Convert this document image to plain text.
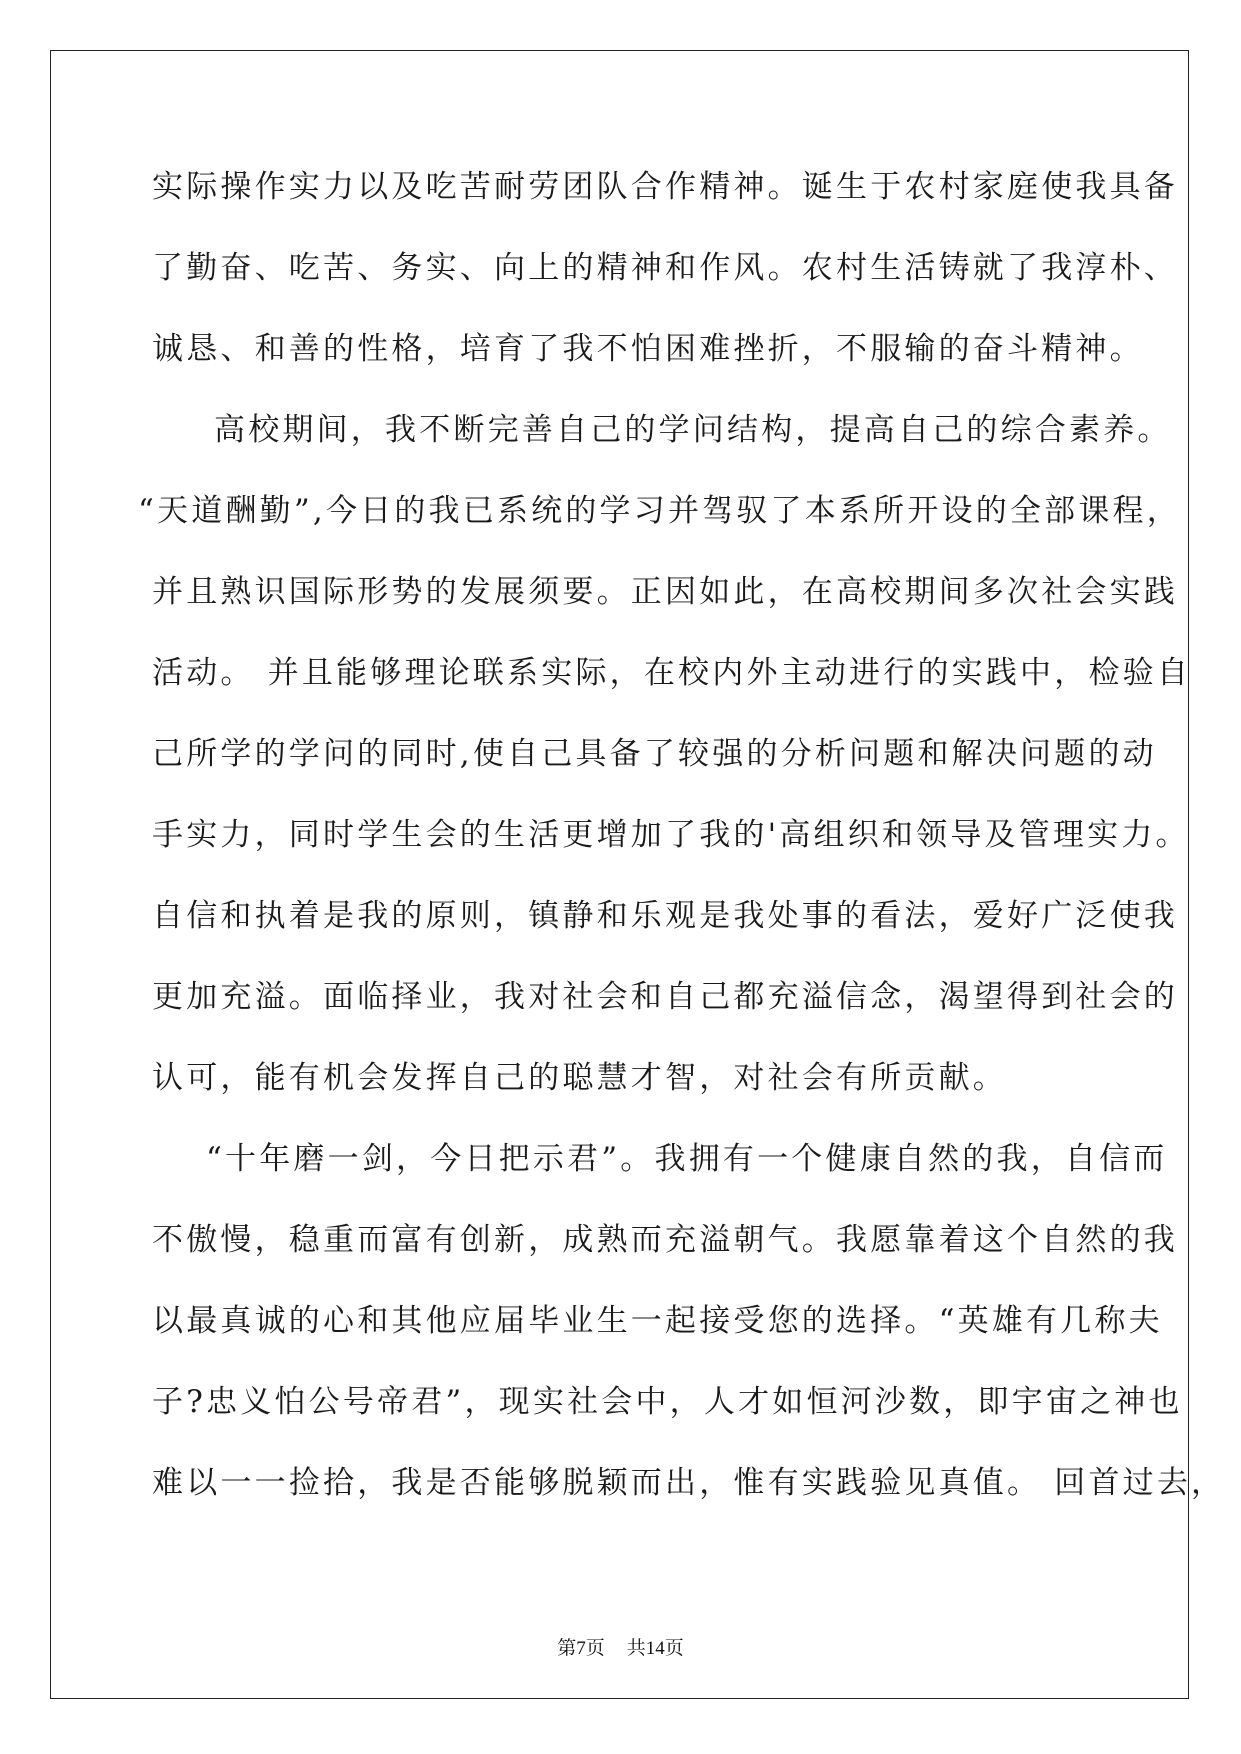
实际操作实力以及吃苦耐劳团队合作精神。诞生于农村家庭使我具备
了勤奋、吃苦、务实、向上的精神和作风。农村生活铸就了我淳朴、
诚恳、和善的性格，培育了我不怕困难挫折，不服输的奋斗精神。
高校期间，我不断完善自己的学问结构，提高自己的综合素养。
“天道酬勤”,今日的我已系统的学习并驾驭了本系所开设的全部课程，
并且熟识国际形势的发展须要。正因如此，在高校期间多次社会实践
活动。 并且能够理论联系实际，在校内外主动进行的实践中，检验自
己所学的学问的同时,使自己具备了较强的分析问题和解决问题的动
手实力，同时学生会的生活更增加了我的'高组织和领导及管理实力。
自信和执着是我的原则，镇静和乐观是我处事的看法，爱好广泛使我
更加充溢。面临择业，我对社会和自己都充溢信念，渴望得到社会的
认可，能有机会发挥自己的聪慧才智，对社会有所贡献。
“十年磨一剑，今日把示君”。我拥有一个健康自然的我，自信而
不傲慢，稳重而富有创新，成熟而充溢朝气。我愿靠着这个自然的我
以最真诚的心和其他应届毕业生一起接受您的选择。“英雄有几称夫
子?忠义怕公号帝君”，现实社会中，人才如恒河沙数，即宇宙之神也
难以一一捡拾，我是否能够脱颖而出，惟有实践验见真值。 回首过去，
第7页 共14页
